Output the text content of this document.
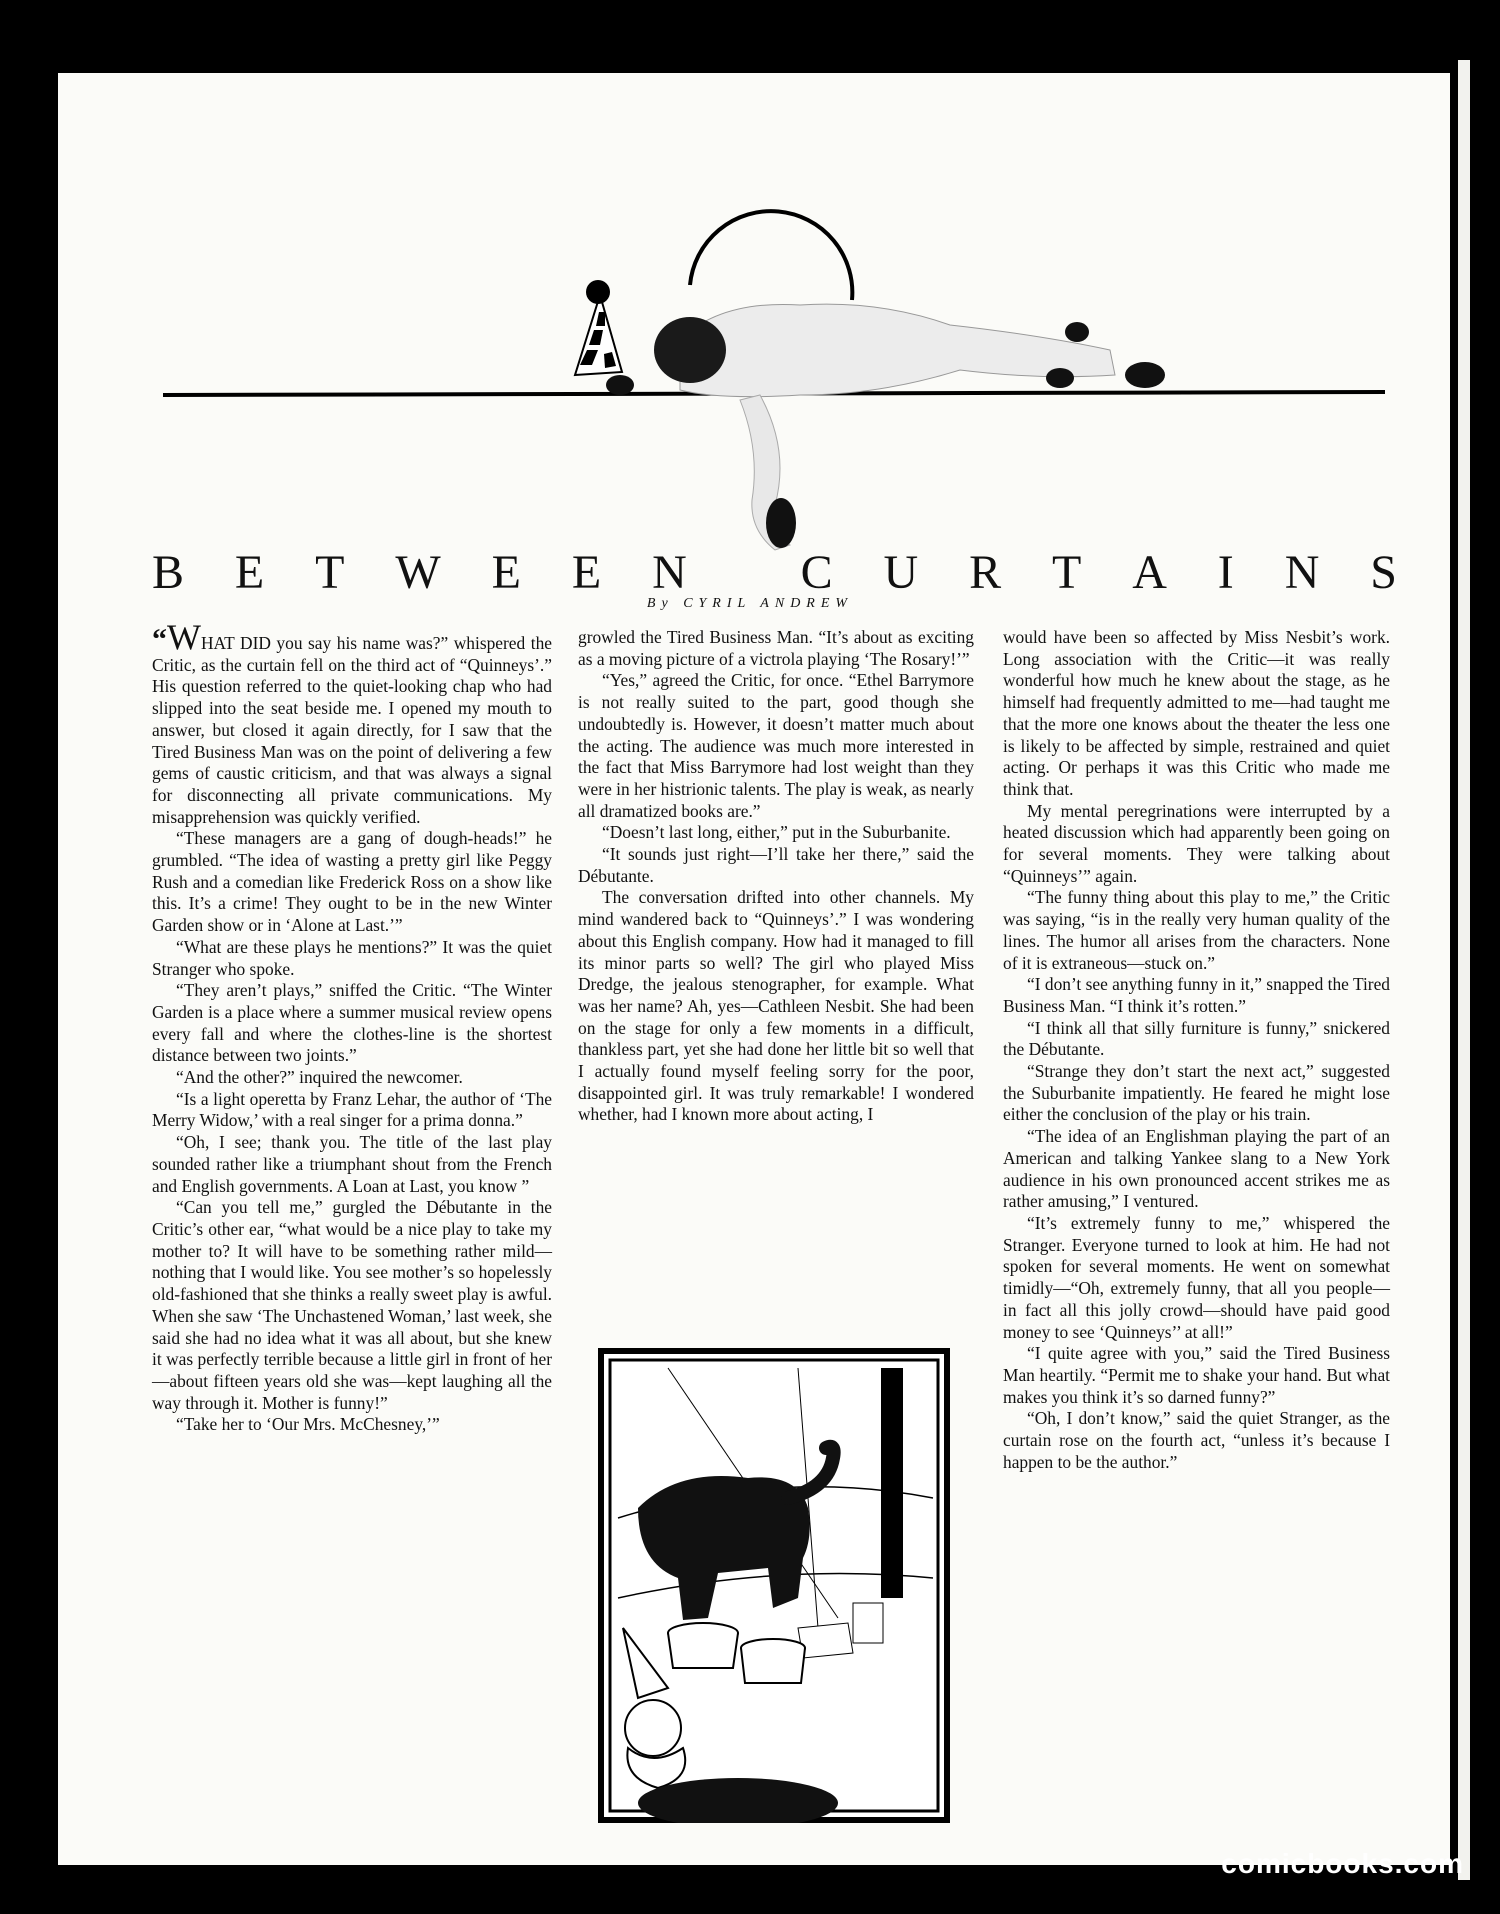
B E T W E E N
C U R T A I N S
By CYRIL ANDREW

“WHAT DID you say his name was?” whispered the Critic, as the curtain fell on the third act of “Quinneys’.” His question referred to the quiet-looking chap who had slipped into the seat beside me. I opened my mouth to answer, but closed it again directly, for I saw that the Tired Business Man was on the point of delivering a few gems of caustic criticism, and that was always a signal for disconnecting all private communications. My misapprehension was quickly verified.

“These managers are a gang of dough-heads!” he grumbled. “The idea of wasting a pretty girl like Peggy Rush and a comedian like Frederick Ross on a show like this. It’s a crime! They ought to be in the new Winter Garden show or in ‘Alone at Last.’”

“What are these plays he mentions?” It was the quiet Stranger who spoke.

“They aren’t plays,” sniffed the Critic. “The Winter Garden is a place where a summer musical review opens every fall and where the clothes-line is the shortest distance between two joints.”

“And the other?” inquired the newcomer.

“Is a light operetta by Franz Lehar, the author of ‘The Merry Widow,’ with a real singer for a prima donna.”

“Oh, I see; thank you. The title of the last play sounded rather like a triumphant shout from the French and English governments. A Loan at Last, you know ”

“Can you tell me,” gurgled the Débutante in the Critic’s other ear, “what would be a nice play to take my mother to? It will have to be something rather mild—nothing that I would like. You see mother’s so hopelessly old-fashioned that she thinks a really sweet play is awful. When she saw ‘The Unchastened Woman,’ last week, she said she had no idea what it was all about, but she knew it was perfectly terrible because a little girl in front of her—about fifteen years old she was—kept laughing all the way through it. Mother is funny!”

“Take her to ‘Our Mrs. McChesney,’”

growled the Tired Business Man. “It’s about as exciting as a moving picture of a victrola playing ‘The Rosary!’”

“Yes,” agreed the Critic, for once. “Ethel Barrymore is not really suited to the part, good though she undoubtedly is. However, it doesn’t matter much about the acting. The audience was much more interested in the fact that Miss Barrymore had lost weight than they were in her histrionic talents. The play is weak, as nearly all dramatized books are.”

“Doesn’t last long, either,” put in the Suburbanite.

“It sounds just right—I’ll take her there,” said the Débutante.

The conversation drifted into other channels. My mind wandered back to “Quinneys’.” I was wondering about this English company. How had it managed to fill its minor parts so well? The girl who played Miss Dredge, the jealous stenographer, for example. What was her name? Ah, yes—Cathleen Nesbit. She had been on the stage for only a few moments in a difficult, thankless part, yet she had done her little bit so well that I actually found myself feeling sorry for the poor, disappointed girl. It was truly remarkable! I wondered whether, had I known more about acting, I

would have been so affected by Miss Nesbit’s work. Long association with the Critic—it was really wonderful how much he knew about the stage, as he himself had frequently admitted to me—had taught me that the more one knows about the theater the less one is likely to be affected by simple, restrained and quiet acting. Or perhaps it was this Critic who made me think that.

My mental peregrinations were interrupted by a heated discussion which had apparently been going on for several moments. They were talking about “Quinneys’” again.

“The funny thing about this play to me,” the Critic was saying, “is in the really very human quality of the lines. The humor all arises from the characters. None of it is extraneous—stuck on.”

“I don’t see anything funny in it,” snapped the Tired Business Man. “I think it’s rotten.”

“I think all that silly furniture is funny,” snickered the Débutante.

“Strange they don’t start the next act,” suggested the Suburbanite impatiently. He feared he might lose either the conclusion of the play or his train.

“The idea of an Englishman playing the part of an American and talking Yankee slang to a New York audience in his own pronounced accent strikes me as rather amusing,” I ventured.

“It’s extremely funny to me,” whispered the Stranger. Everyone turned to look at him. He had not spoken for several moments. He went on somewhat timidly—“Oh, extremely funny, that all you people—in fact all this jolly crowd—should have paid good money to see ‘Quinneys’’ at all!”

“I quite agree with you,” said the Tired Business Man heartily. “Permit me to shake your hand. But what makes you think it’s so darned funny?”

“Oh, I don’t know,” said the quiet Stranger, as the curtain rose on the fourth act, “unless it’s because I happen to be the author.”

comicbooks.com
